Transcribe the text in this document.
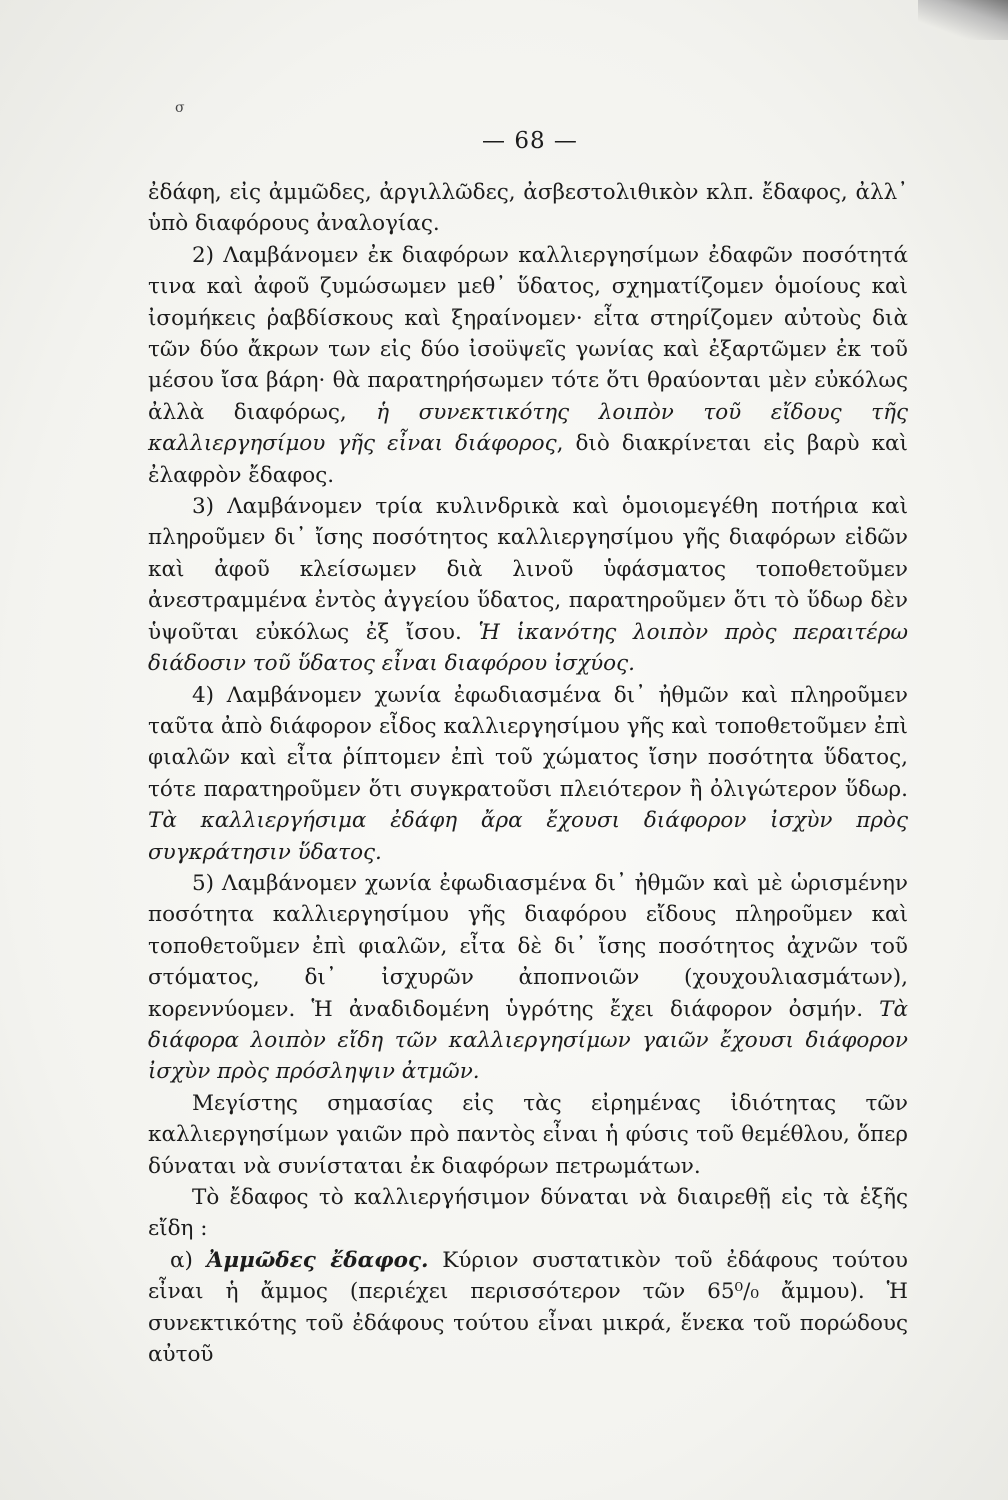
σ
— 68 —

ἐδάφη, εἰς ἀμμῶδες, ἀργιλλῶδες, ἀσβεστολιθικὸν κλπ. ἔδαφος, ἀλλ᾽ ὑπὸ διαφόρους ἀναλογίας.

2) Λαμβάνομεν ἐκ διαφόρων καλλιεργησίμων ἐδαφῶν ποσότητά τινα καὶ ἀφοῦ ζυμώσωμεν μεθ᾽ ὕδατος, σχηματίζομεν ὁμοίους καὶ ἰσομήκεις ῥαβδίσκους καὶ ξηραίνομεν· εἶτα στηρίζομεν αὐτοὺς διὰ τῶν δύο ἄκρων των εἰς δύο ἰσοϋψεῖς γωνίας καὶ ἐξαρτῶμεν ἐκ τοῦ μέσου ἴσα βάρη· θὰ παρατηρήσωμεν τότε ὅτι θραύονται μὲν εὐκόλως ἀλλὰ διαφόρως, ἡ συνεκτικότης λοιπὸν τοῦ εἴδους τῆς καλλιεργησίμου γῆς εἶναι διάφορος, διὸ διακρίνεται εἰς βαρὺ καὶ ἐλαφρὸν ἔδαφος.

3) Λαμβάνομεν τρία κυλινδρικὰ καὶ ὁμοιομεγέθη ποτήρια καὶ πληροῦμεν δι᾽ ἴσης ποσότητος καλλιεργησίμου γῆς διαφόρων εἰδῶν καὶ ἀφοῦ κλείσωμεν διὰ λινοῦ ὑφάσματος τοποθετοῦμεν ἀνεστραμμένα ἐντὸς ἀγγείου ὕδατος, παρατηροῦμεν ὅτι τὸ ὕδωρ δὲν ὑψοῦται εὐκόλως ἐξ ἴσου. Ἡ ἱκανότης λοιπὸν πρὸς περαιτέρω διάδοσιν τοῦ ὕδατος εἶναι διαφόρου ἰσχύος.

4) Λαμβάνομεν χωνία ἐφωδιασμένα δι᾽ ἠθμῶν καὶ πληροῦμεν ταῦτα ἀπὸ διάφορον εἶδος καλλιεργησίμου γῆς καὶ τοποθετοῦμεν ἐπὶ φιαλῶν καὶ εἶτα ῥίπτομεν ἐπὶ τοῦ χώματος ἴσην ποσότητα ὕδατος, τότε παρατηροῦμεν ὅτι συγκρατοῦσι πλειότερον ἢ ὀλιγώτερον ὕδωρ. Τὰ καλλιεργήσιμα ἐδάφη ἄρα ἔχουσι διάφορον ἰσχὺν πρὸς συγκράτησιν ὕδατος.

5) Λαμβάνομεν χωνία ἐφωδιασμένα δι᾽ ἠθμῶν καὶ μὲ ὡρισμένην ποσότητα καλλιεργησίμου γῆς διαφόρου εἴδους πληροῦμεν καὶ τοποθετοῦμεν ἐπὶ φιαλῶν, εἶτα δὲ δι᾽ ἴσης ποσότητος ἀχνῶν τοῦ στόματος, δι᾽ ἰσχυρῶν ἀποπνοιῶν (χουχουλιασμάτων), κορεννύομεν. Ἡ ἀναδιδομένη ὑγρότης ἔχει διάφορον ὀσμήν. Τὰ διάφορα λοιπὸν εἴδη τῶν καλλιεργησίμων γαιῶν ἔχουσι διάφορον ἰσχὺν πρὸς πρόσληψιν ἀτμῶν.

Μεγίστης σημασίας εἰς τὰς εἰρημένας ἰδιότητας τῶν καλλιεργησίμων γαιῶν πρὸ παντὸς εἶναι ἡ φύσις τοῦ θεμέθλου, ὅπερ δύναται νὰ συνίσταται ἐκ διαφόρων πετρωμάτων.

Τὸ ἔδαφος τὸ καλλιεργήσιμον δύναται νὰ διαιρεθῇ εἰς τὰ ἑξῆς εἴδη :

α) Ἀμμῶδες ἔδαφος. Κύριον συστατικὸν τοῦ ἐδάφους τούτου εἶναι ἡ ἄμμος (περιέχει περισσότερον τῶν 65⁰/₀ ἄμμου). Ἡ συνεκτικότης τοῦ ἐδάφους τούτου εἶναι μικρά, ἕνεκα τοῦ πορώδους αὐτοῦ
